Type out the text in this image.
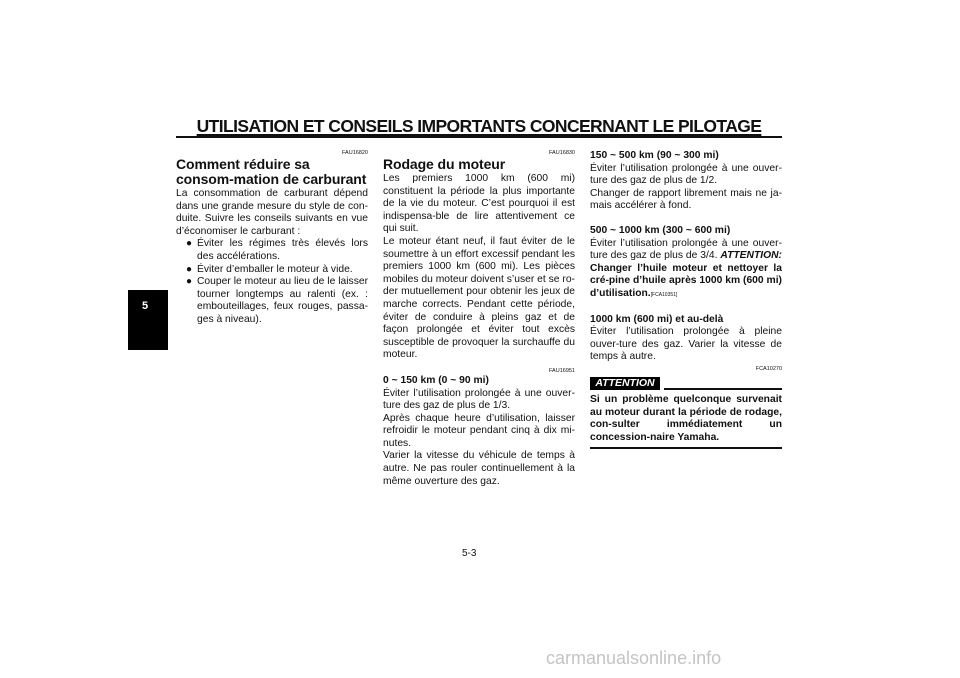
UTILISATION ET CONSEILS IMPORTANTS CONCERNANT LE PILOTAGE
5
FAU16820
Comment réduire sa consom-mation de carburant

La consommation de carburant dépend dans une grande mesure du style de con-duite. Suivre les conseils suivants en vue d’économiser le carburant :

● Éviter les régimes très élevés lors des accélérations.
● Éviter d’emballer le moteur à vide.
● Couper le moteur au lieu de le laisser tourner longtemps au ralenti (ex. : embouteillages, feux rouges, passa-ges à niveau).
FAU16830
Rodage du moteur

Les premiers 1000 km (600 mi) constituent la période la plus importante de la vie du moteur. C’est pourquoi il est indispensa-ble de lire attentivement ce qui suit.

Le moteur étant neuf, il faut éviter de le soumettre à un effort excessif pendant les premiers 1000 km (600 mi). Les pièces mobiles du moteur doivent s’user et se ro-der mutuellement pour obtenir les jeux de marche corrects. Pendant cette période, éviter de conduire à pleins gaz et de façon prolongée et éviter tout excès susceptible de provoquer la surchauffe du moteur.

FAU16951
0 ~ 150 km (0 ~ 90 mi)

Éviter l’utilisation prolongée à une ouver-ture des gaz de plus de 1/3.

Après chaque heure d’utilisation, laisser refroidir le moteur pendant cinq à dix mi-nutes.

Varier la vitesse du véhicule de temps à autre. Ne pas rouler continuellement à la même ouverture des gaz.

150 ~ 500 km (90 ~ 300 mi)

Éviter l’utilisation prolongée à une ouver-ture des gaz de plus de 1/2.

Changer de rapport librement mais ne ja-mais accélérer à fond.

500 ~ 1000 km (300 ~ 600 mi)

Éviter l’utilisation prolongée à une ouver-ture des gaz de plus de 3/4. ATTENTION: Changer l’huile moteur et nettoyer la cré-pine d’huile après 1000 km (600 mi) d’utilisation.[FCA10351]

1000 km (600 mi) et au-delà

Éviter l’utilisation prolongée à pleine ouver-ture des gaz. Varier la vitesse de temps à autre.

FCA10270
ATTENTION
Si un problème quelconque survenait au moteur durant la période de rodage, con-sulter immédiatement un concession-naire Yamaha.
5-3
carmanualsonline.info
